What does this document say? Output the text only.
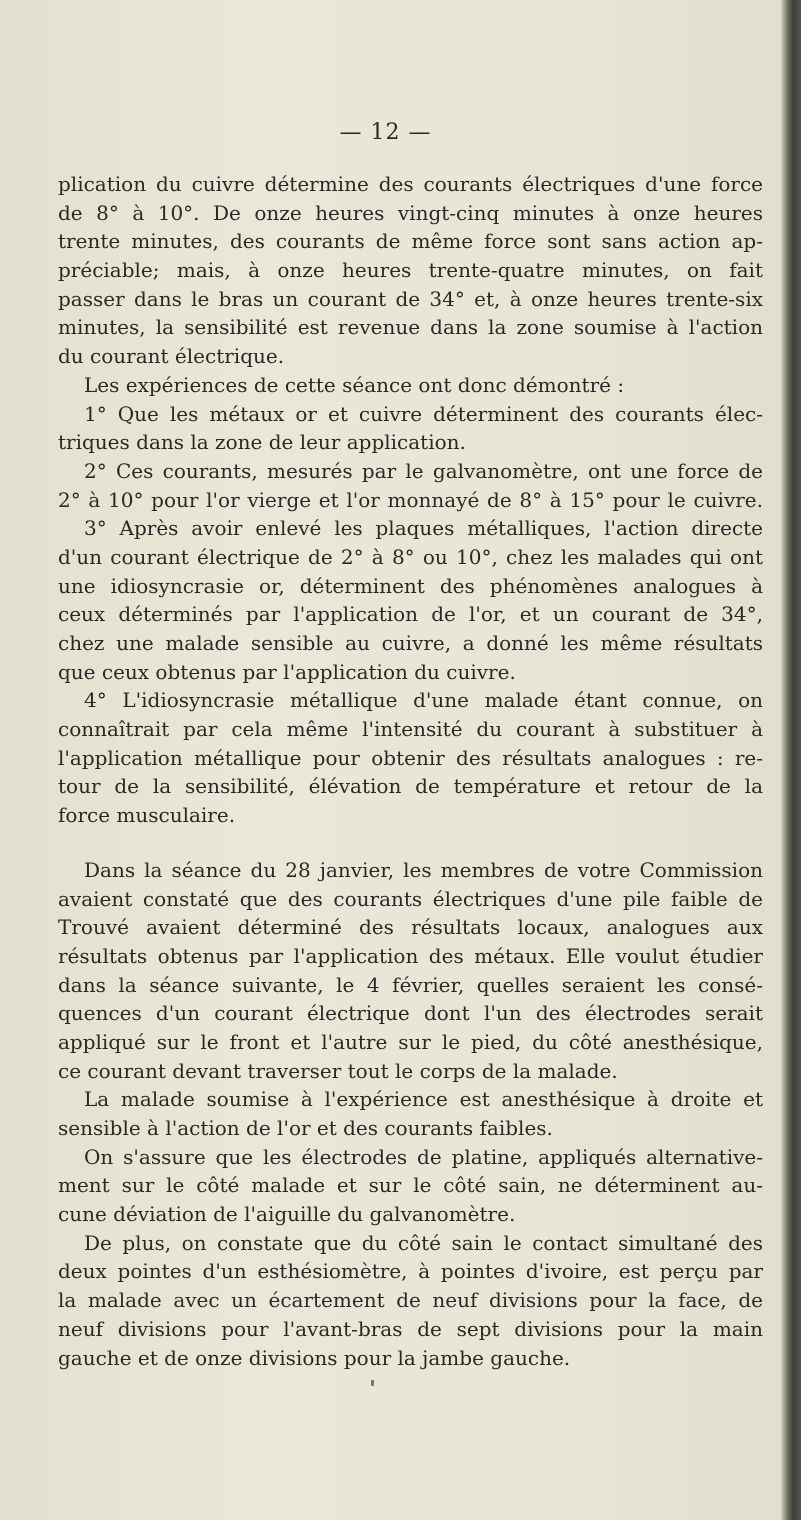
— 12 —
plication du cuivre détermine des courants électriques d'une force
de 8° à 10°. De onze heures vingt-cinq minutes à onze heures
trente minutes, des courants de même force sont sans action ap-
préciable; mais, à onze heures trente-quatre minutes, on fait
passer dans le bras un courant de 34° et, à onze heures trente-six
minutes, la sensibilité est revenue dans la zone soumise à l'action
du courant électrique.
Les expériences de cette séance ont donc démontré :
1° Que les métaux or et cuivre déterminent des courants élec-
triques dans la zone de leur application.
2° Ces courants, mesurés par le galvanomètre, ont une force de
2° à 10° pour l'or vierge et l'or monnayé de 8° à 15° pour le cuivre.
3° Après avoir enlevé les plaques métalliques, l'action directe
d'un courant électrique de 2° à 8° ou 10°, chez les malades qui ont
une idiosyncrasie or, déterminent des phénomènes analogues à
ceux déterminés par l'application de l'or, et un courant de 34°,
chez une malade sensible au cuivre, a donné les même résultats
que ceux obtenus par l'application du cuivre.
4° L'idiosyncrasie métallique d'une malade étant connue, on
connaîtrait par cela même l'intensité du courant à substituer à
l'application métallique pour obtenir des résultats analogues : re-
tour de la sensibilité, élévation de température et retour de la
force musculaire.
Dans la séance du 28 janvier, les membres de votre Commission
avaient constaté que des courants électriques d'une pile faible de
Trouvé avaient déterminé des résultats locaux, analogues aux
résultats obtenus par l'application des métaux. Elle voulut étudier
dans la séance suivante, le 4 février, quelles seraient les consé-
quences d'un courant électrique dont l'un des électrodes serait
appliqué sur le front et l'autre sur le pied, du côté anesthésique,
ce courant devant traverser tout le corps de la malade.
La malade soumise à l'expérience est anesthésique à droite et
sensible à l'action de l'or et des courants faibles.
On s'assure que les électrodes de platine, appliqués alternative-
ment sur le côté malade et sur le côté sain, ne déterminent au-
cune déviation de l'aiguille du galvanomètre.
De plus, on constate que du côté sain le contact simultané des
deux pointes d'un esthésiomètre, à pointes d'ivoire, est perçu par
la malade avec un écartement de neuf divisions pour la face, de
neuf divisions pour l'avant-bras de sept divisions pour la main
gauche et de onze divisions pour la jambe gauche.
